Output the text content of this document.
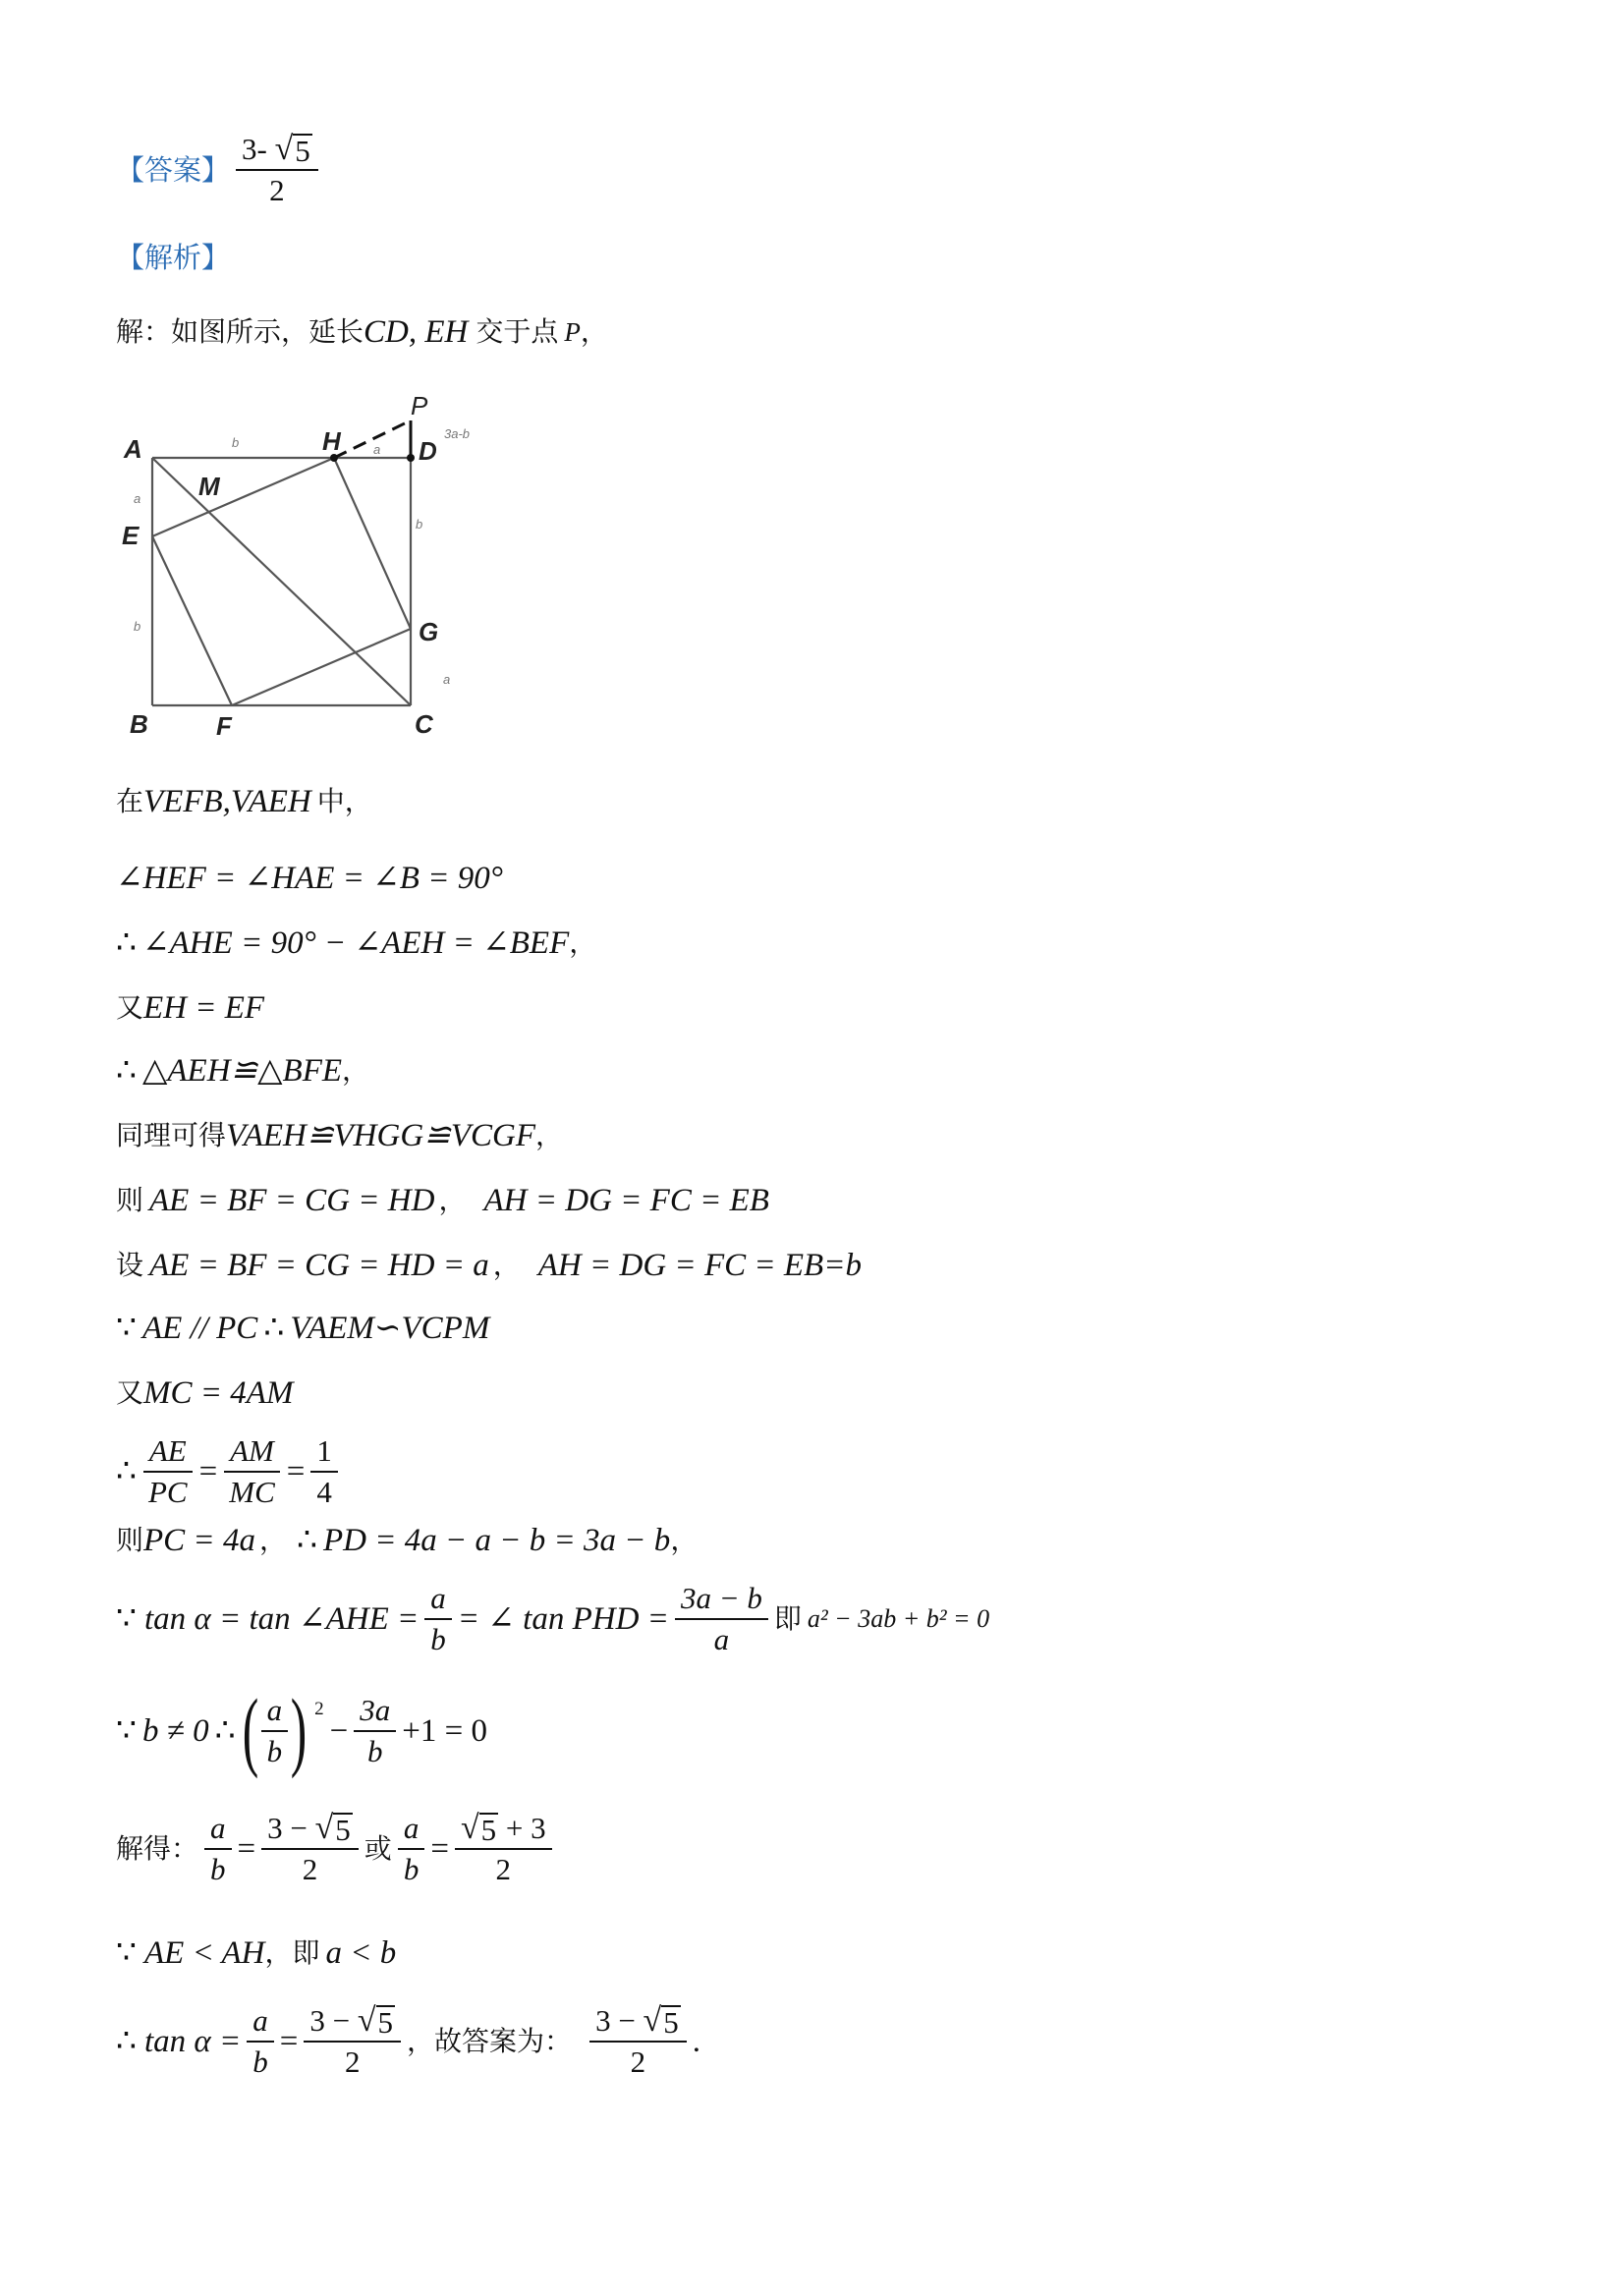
【答案】 $\frac{3- √ 5}{2}$
【解析】
解：如图所示，延长 CD, EH 交于点 P ，
A
B	C
D
E
F
G
H
M
P
b	a
3a-b
a
b
b
a
在 VEFB,VAEH 中，
∠HEF = ∠HAE = ∠B = 90°
∴ ∠AHE = 90° − ∠AEH = ∠BEF ，
又 EH = EF
∴ △AEH≌△BFE ，
同理可得 VAEH≌VHGG≌VCGF ，
则 AE = BF = CG = HD ， AH = DG = FC = EB
设 AE = BF = CG = HD = a ， AH = DG = FC = EB=b
∵ AE // PC ∴ VAEM∽VCPM
又 MC = 4AM
∴ $\frac{AE}{PC} = \frac{AM}{MC} = \frac{1}{4}$
则 PC = 4a ， ∴ PD = 4a − a − b = 3a − b ，
∵ tan α = tan ∠AHE = $\frac{a}{b}$ = ∠ tan PHD = $\frac{3a - b}{a}$ 即 a² − 3ab + b² = 0
∵ b ≠ 0 ∴ ( $\frac{a}{b}$ ) 2
− $\frac{3a}{b} +1 = 0$
解得： $\frac{a}{b} = \frac{3 - √ 5}{2}$ 或 $\frac{a}{b} = \frac{√ 5 + 3}{2}$
∵ AE < AH ，即 a < b
∴ $\tan \alpha = \frac{a}{b} = \frac{3 - √ 5}{2}$ ，故答案为： $\frac{3 - √ 5}{2}$ .
